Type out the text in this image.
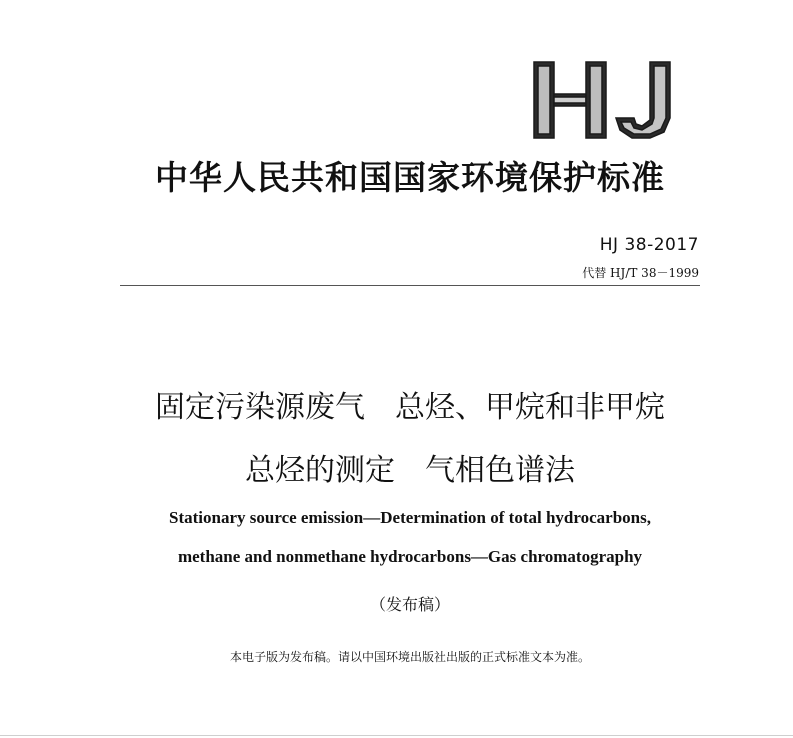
中华人民共和国国家环境保护标准
HJ 38-2017
代替 HJ/T 38－1999
固定污染源废气　总烃、甲烷和非甲烷
总烃的测定　气相色谱法
Stationary source emission—Determination of total hydrocarbons,
methane and nonmethane hydrocarbons—Gas chromatography
（发布稿）
本电子版为发布稿。请以中国环境出版社出版的正式标准文本为准。
